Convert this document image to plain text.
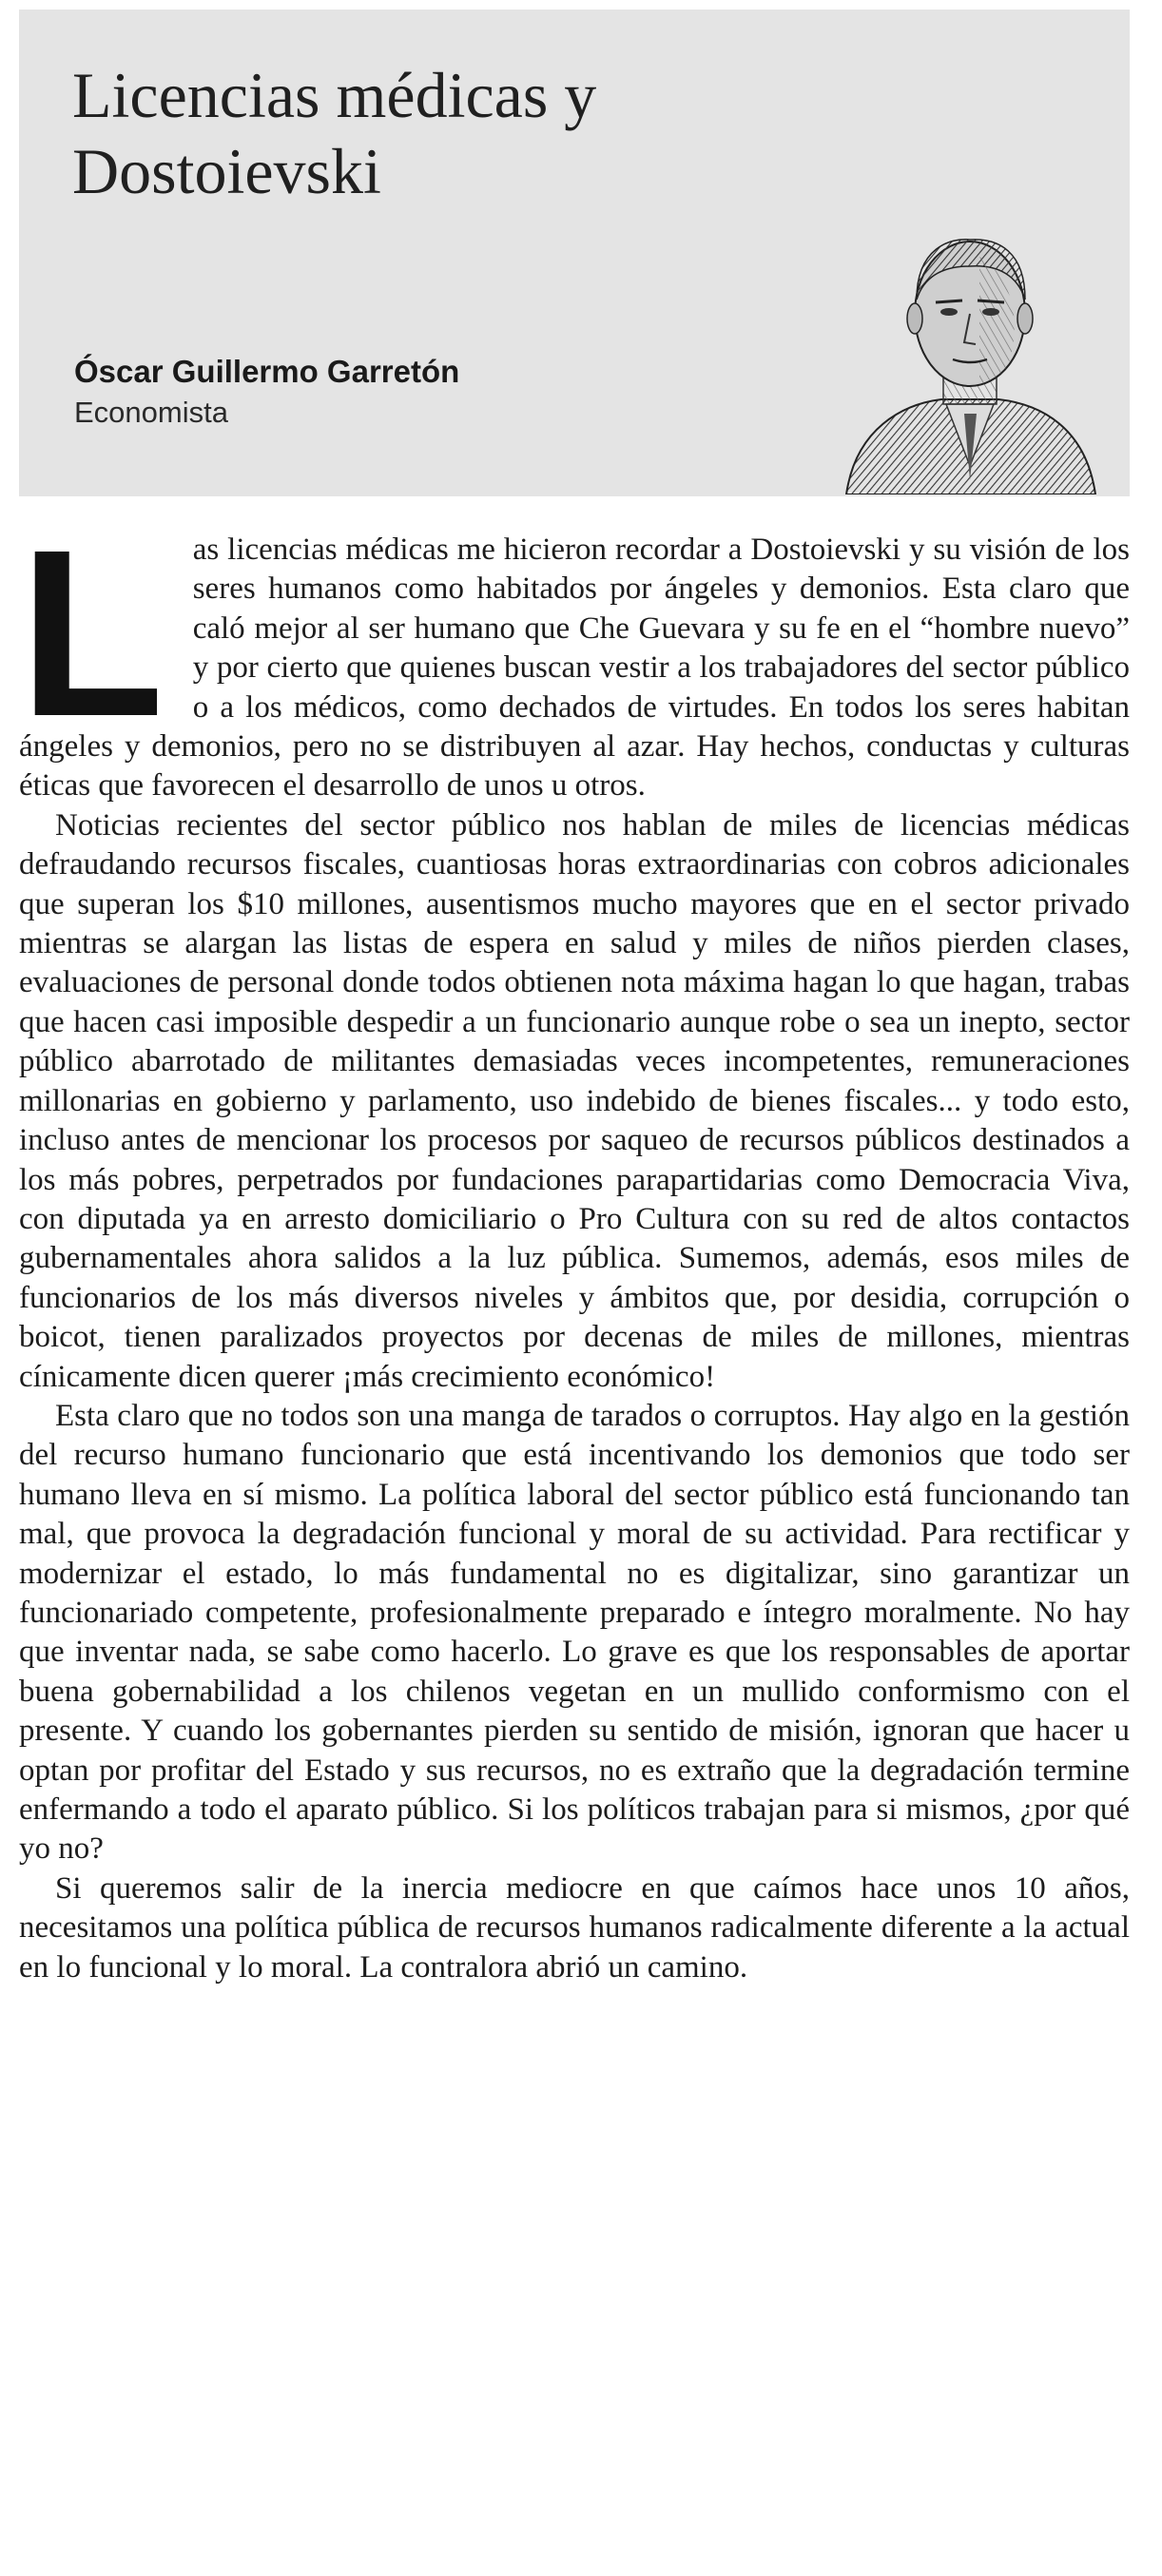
Licencias médicas y Dostoievski
Óscar Guillermo Garretón
Economista

Las licencias médicas me hicieron recordar a Dostoievski y su visión de los seres humanos como habitados por ángeles y demonios. Esta claro que caló mejor al ser humano que Che Guevara y su fe en el “hombre nuevo” y por cierto que quienes buscan vestir a los trabajadores del sector público o a los médicos, como dechados de virtudes. En todos los seres habitan ángeles y demonios, pero no se distribuyen al azar. Hay hechos, conductas y culturas éticas que favorecen el desarrollo de unos u otros.

Noticias recientes del sector público nos hablan de miles de licencias médicas defraudando recursos fiscales, cuantiosas horas extraordinarias con cobros adicionales que superan los $10 millones, ausentismos mucho mayores que en el sector privado mientras se alargan las listas de espera en salud y miles de niños pierden clases, evaluaciones de personal donde todos obtienen nota máxima hagan lo que hagan, trabas que hacen casi imposible despedir a un funcionario aunque robe o sea un inepto, sector público abarrotado de militantes demasiadas veces incompetentes, remuneraciones millonarias en gobierno y parlamento, uso indebido de bienes fiscales... y todo esto, incluso antes de mencionar los procesos por saqueo de recursos públicos destinados a los más pobres, perpetrados por fundaciones parapartidarias como Democracia Viva, con diputada ya en arresto domiciliario o Pro Cultura con su red de altos contactos gubernamentales ahora salidos a la luz pública. Sumemos, además, esos miles de funcionarios de los más diversos niveles y ámbitos que, por desidia, corrupción o boicot, tienen paralizados proyectos por decenas de miles de millones, mientras cínicamente dicen querer ¡más crecimiento económico!

Esta claro que no todos son una manga de tarados o corruptos. Hay algo en la gestión del recurso humano funcionario que está incentivando los demonios que todo ser humano lleva en sí mismo. La política laboral del sector público está funcionando tan mal, que provoca la degradación funcional y moral de su actividad. Para rectificar y modernizar el estado, lo más fundamental no es digitalizar, sino garantizar un funcionariado competente, profesionalmente preparado e íntegro moralmente. No hay que inventar nada, se sabe como hacerlo. Lo grave es que los responsables de aportar buena gobernabilidad a los chilenos vegetan en un mullido conformismo con el presente. Y cuando los gobernantes pierden su sentido de misión, ignoran que hacer u optan por profitar del Estado y sus recursos, no es extraño que la degradación termine enfermando a todo el aparato público. Si los políticos trabajan para si mismos, ¿por qué yo no?

Si queremos salir de la inercia mediocre en que caímos hace unos 10 años, necesitamos una política pública de recursos humanos radicalmente diferente a la actual en lo funcional y lo moral. La contralora abrió un camino.
